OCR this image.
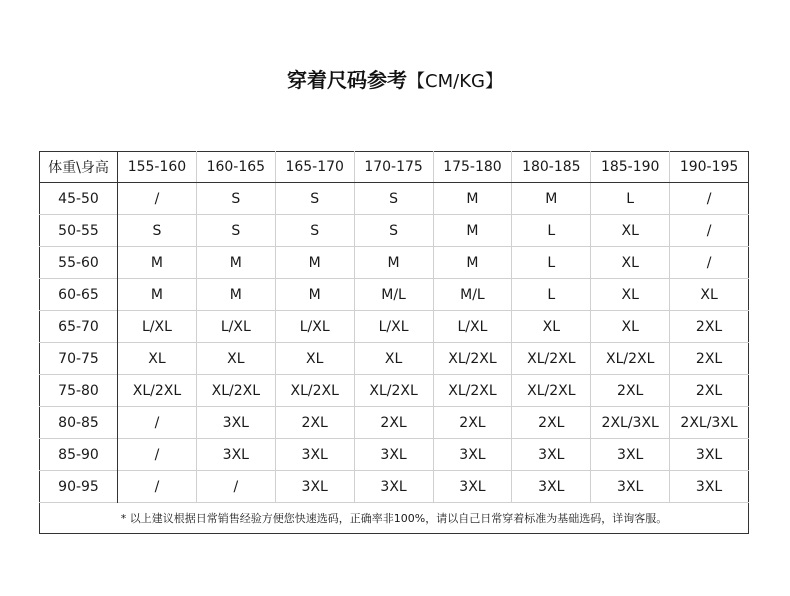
穿着尺码参考【CM/KG】
体重\身高	155-160	160-165	165-170	170-175	175-180	180-185	185-190	190-195
45-50	/	S	S	S	M	M	L	/
50-55	S	S	S	S	M	L	XL	/
55-60	M	M	M	M	M	L	XL	/
60-65	M	M	M	M/L	M/L	L	XL	XL
65-70	L/XL	L/XL	L/XL	L/XL	L/XL	XL	XL	2XL
70-75	XL	XL	XL	XL	XL/2XL	XL/2XL	XL/2XL	2XL
75-80	XL/2XL	XL/2XL	XL/2XL	XL/2XL	XL/2XL	XL/2XL	2XL	2XL
80-85	/	3XL	2XL	2XL	2XL	2XL	2XL/3XL	2XL/3XL
85-90	/	3XL	3XL	3XL	3XL	3XL	3XL	3XL
90-95	/	/	3XL	3XL	3XL	3XL	3XL	3XL
* 以上建议根据日常销售经验方便您快速选码，正确率非100%，请以自己日常穿着标准为基础选码，详询客服。								
